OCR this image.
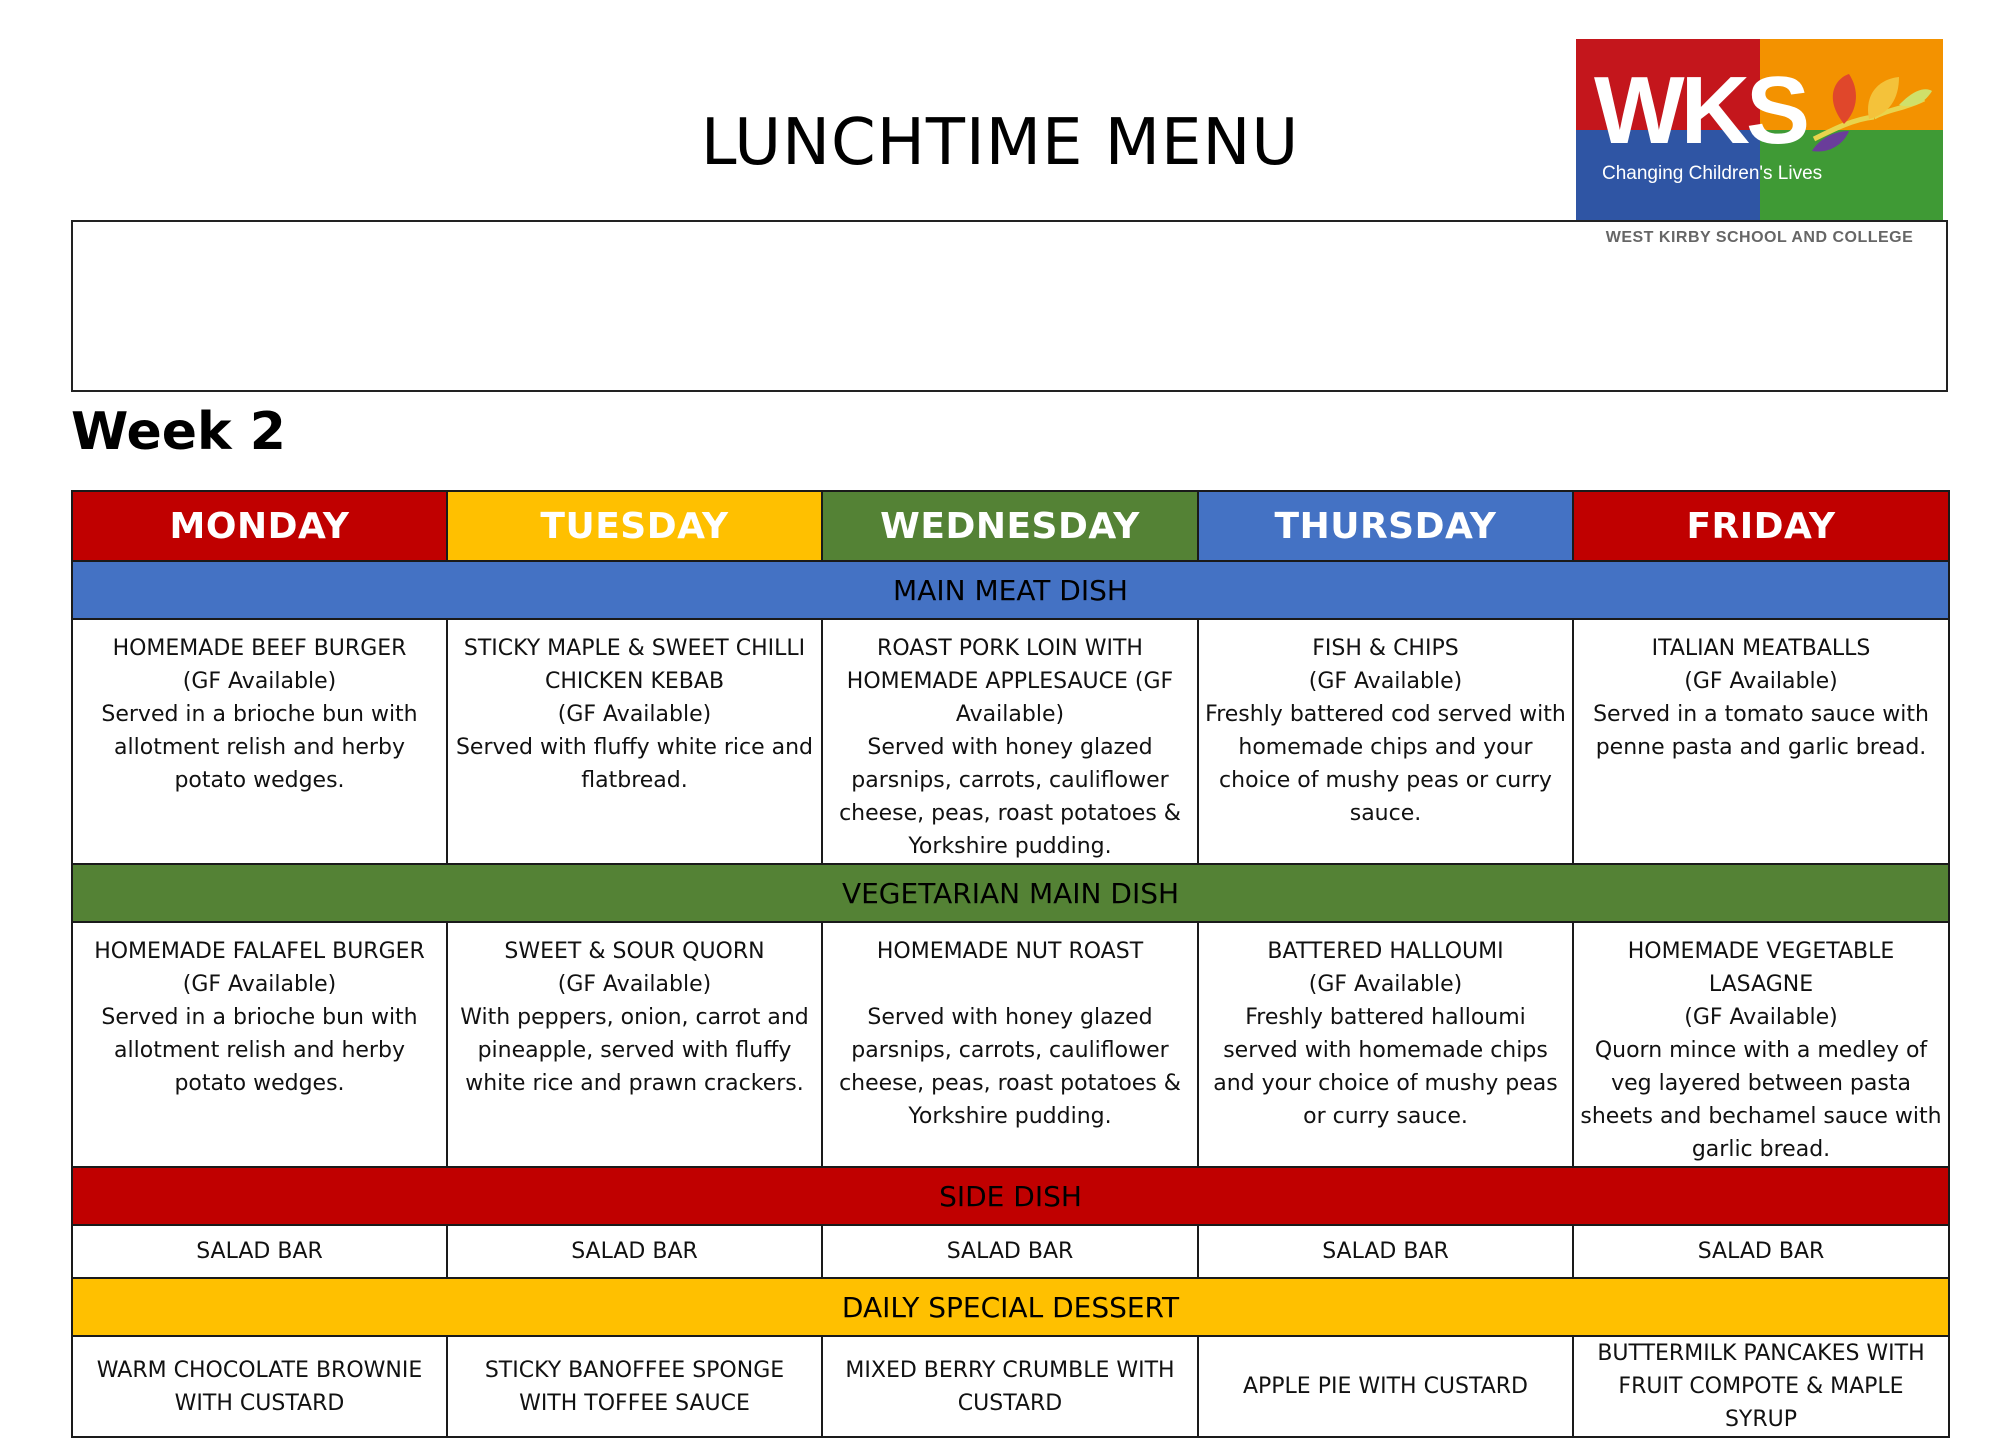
LUNCHTIME MENU	WKS
Changing Children's Lives
WEST KIRBY SCHOOL AND COLLEGE
Week 2
MONDAY	TUESDAY	WEDNESDAY	THURSDAY	FRIDAY
MAIN MEAT DISH				

HOMEMADE BEEF BURGER
(GF Available)
Served in a brioche bun with allotment relish and herby potato wedges.	STICKY MAPLE & SWEET CHILLI CHICKEN KEBAB
(GF Available)
Served with fluffy white rice and flatbread.	ROAST PORK LOIN WITH HOMEMADE APPLESAUCE (GF Available)
Served with honey glazed parsnips, carrots, cauliflower cheese, peas, roast potatoes & Yorkshire pudding.	FISH & CHIPS
(GF Available)
Freshly battered cod served with homemade chips and your choice of mushy peas or curry sauce.	ITALIAN MEATBALLS
(GF Available)
Served in a tomato sauce with penne pasta and garlic bread.

VEGETARIAN MAIN DISH				

HOMEMADE FALAFEL BURGER
(GF Available)
Served in a brioche bun with allotment relish and herby potato wedges.	SWEET & SOUR QUORN
(GF Available)
With peppers, onion, carrot and pineapple, served with fluffy white rice and prawn crackers.	HOMEMADE NUT ROAST
Served with honey glazed parsnips, carrots, cauliflower cheese, peas, roast potatoes & Yorkshire pudding.	BATTERED HALLOUMI
(GF Available)
Freshly battered halloumi served with homemade chips and your choice of mushy peas or curry sauce.	HOMEMADE VEGETABLE LASAGNE
(GF Available)
Quorn mince with a medley of veg layered between pasta sheets and bechamel sauce with garlic bread.

SIDE DISH				
SALAD BAR	SALAD BAR	SALAD BAR	SALAD BAR	SALAD BAR
DAILY SPECIAL DESSERT				
WARM CHOCOLATE BROWNIE WITH CUSTARD	STICKY BANOFFEE SPONGE WITH TOFFEE SAUCE	MIXED BERRY CRUMBLE WITH CUSTARD	APPLE PIE WITH CUSTARD	BUTTERMILK PANCAKES WITH FRUIT COMPOTE & MAPLE SYRUP
